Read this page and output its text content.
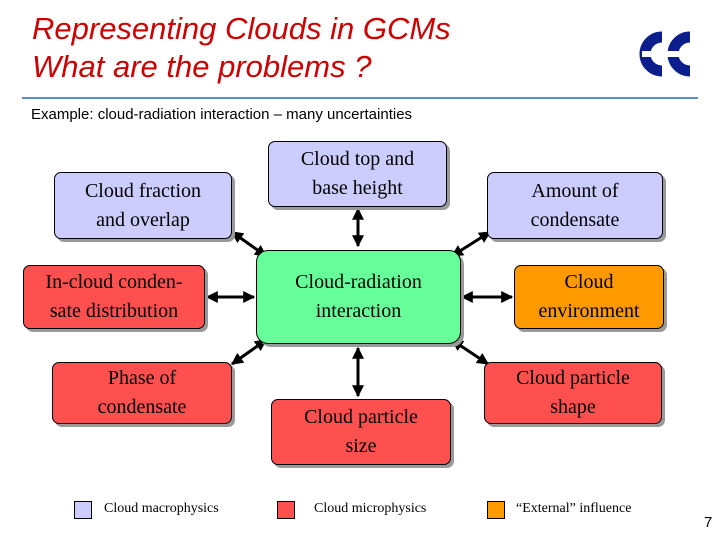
Representing Clouds in GCMs
What are the problems ?
Example: cloud-radiation interaction – many uncertainties
Cloud fraction
and overlap
Cloud top and
base height	Amount of
condensate
In-cloud conden-
sate distribution
Cloud-radiation
interaction
Cloud
environment
Phase of
condensate	Cloud particle
size
Cloud particle
shape
Cloud macrophysics	Cloud microphysics	“External” influence
7
